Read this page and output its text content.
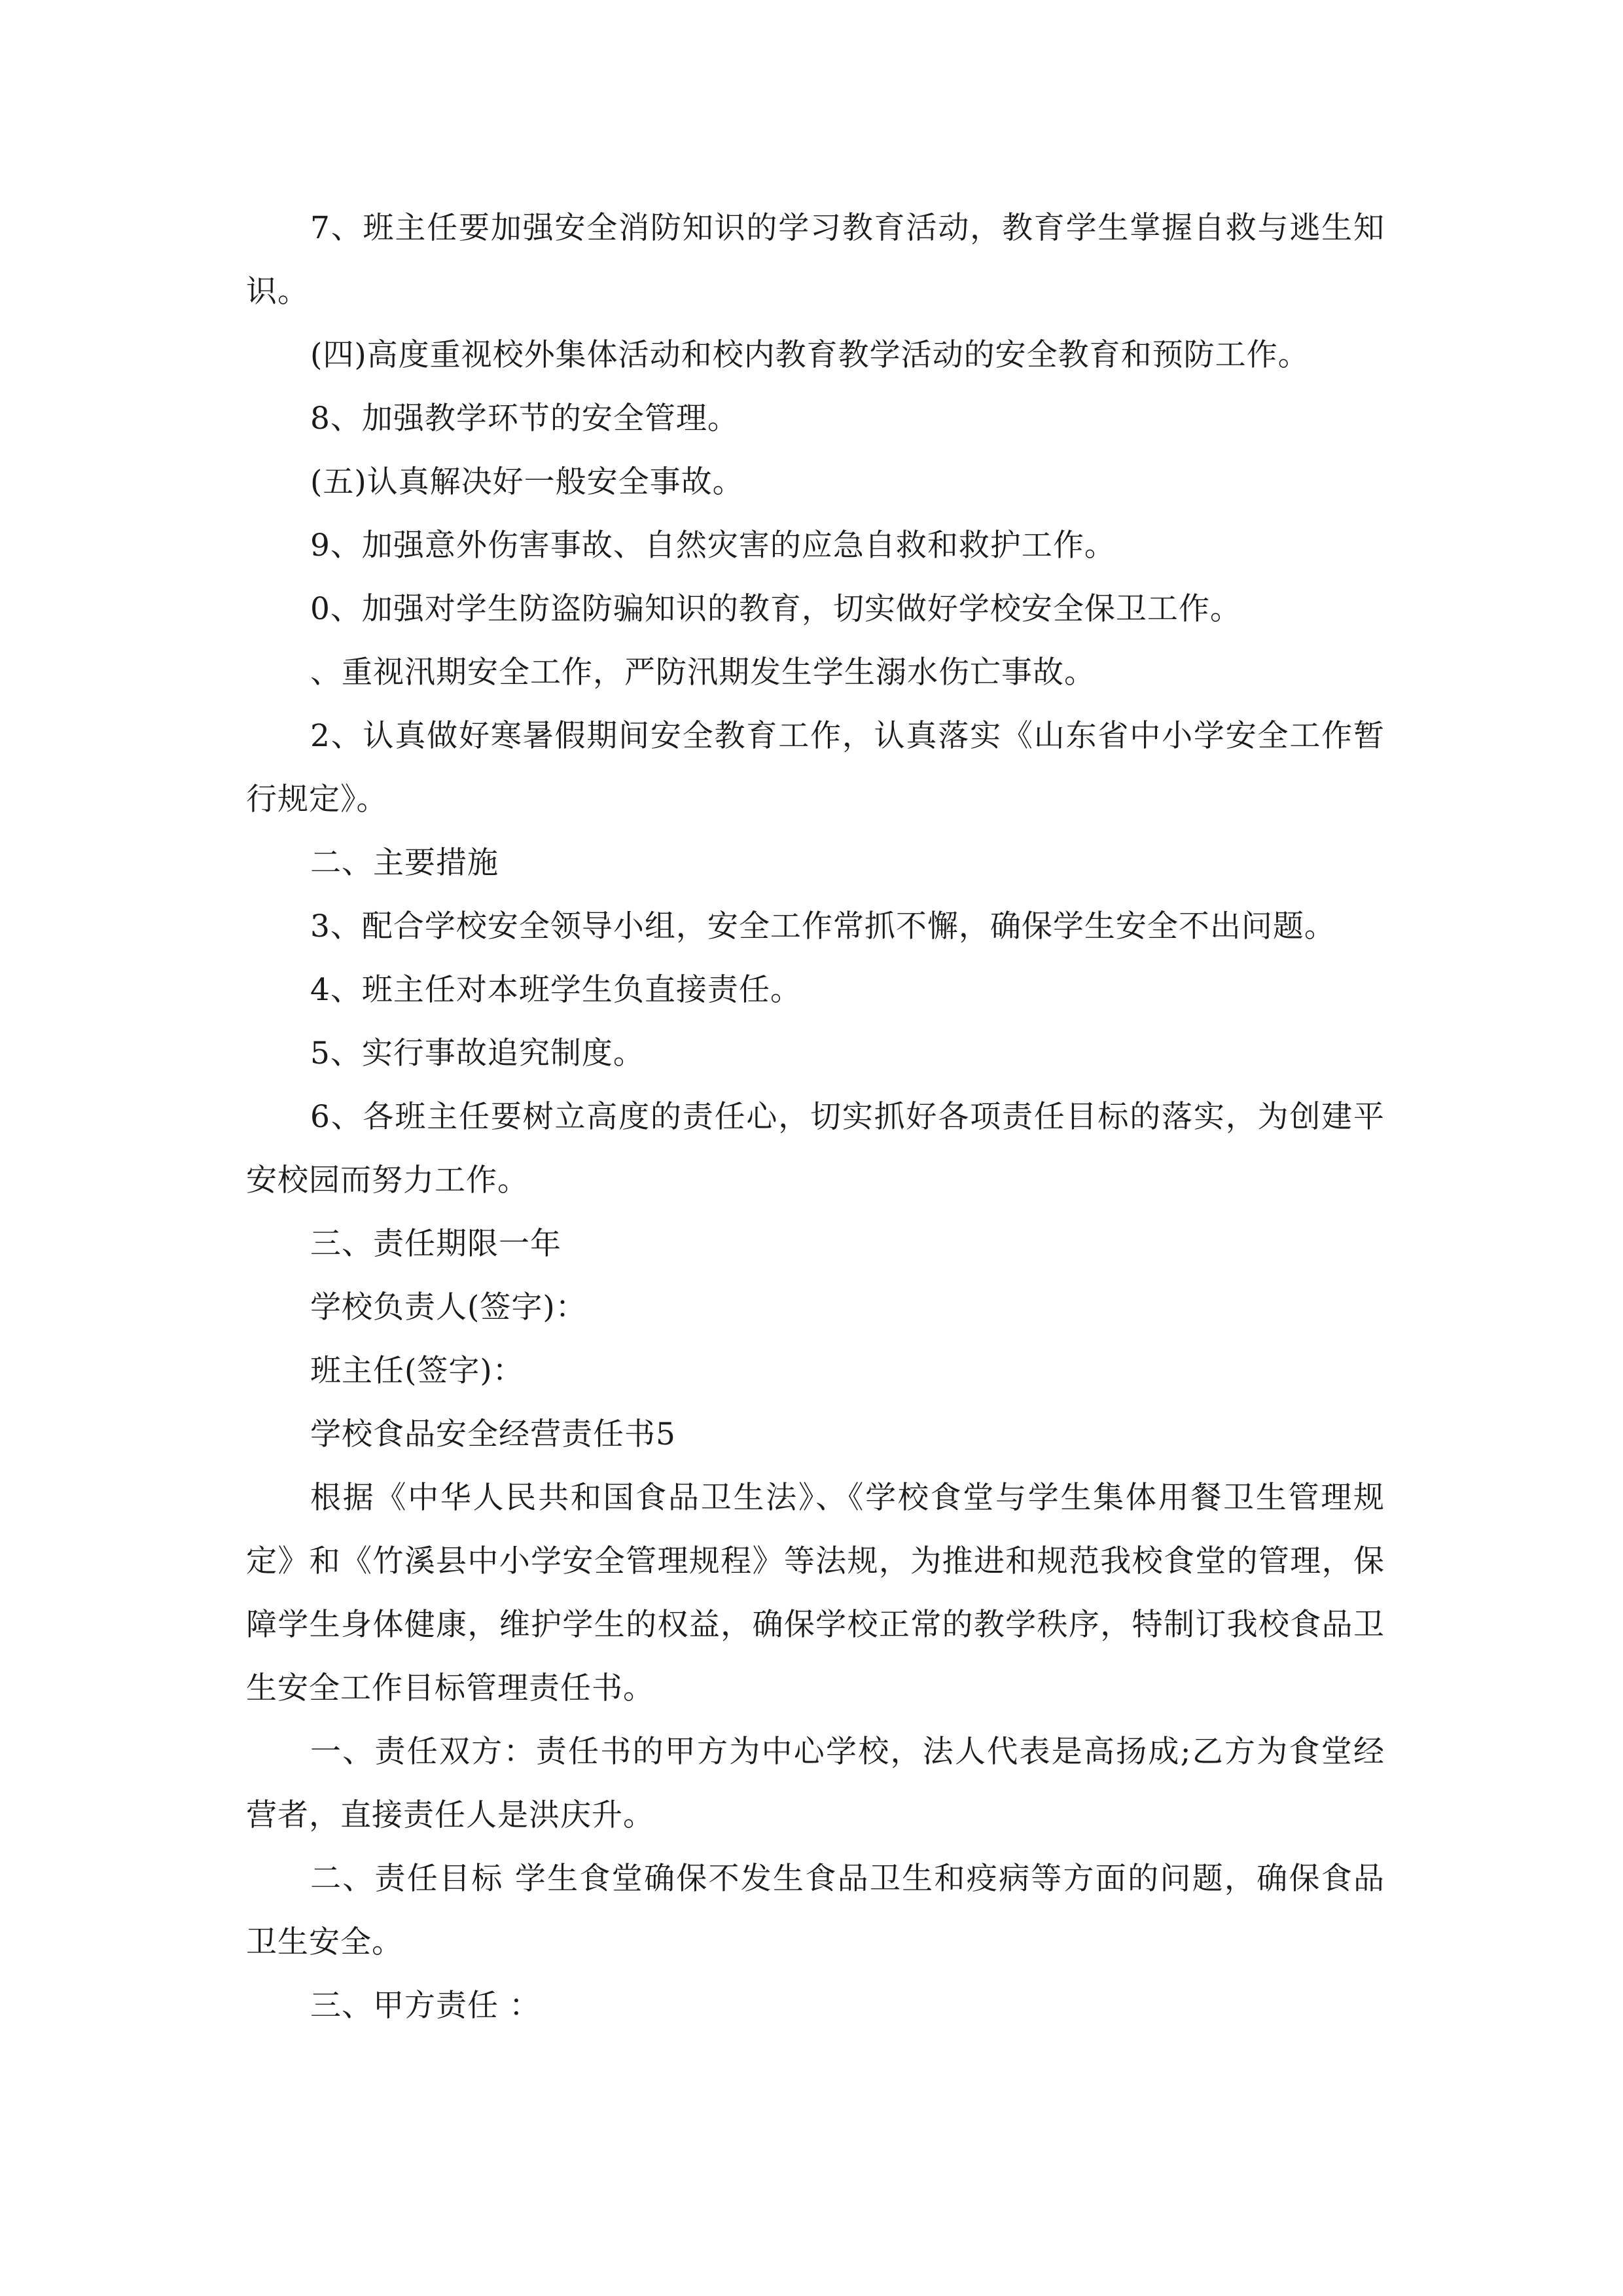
7、班主任要加强安全消防知识的学习教育活动，教育学生掌握自救与逃生知识。

(四)高度重视校外集体活动和校内教育教学活动的安全教育和预防工作。

8、加强教学环节的安全管理。

(五)认真解决好一般安全事故。

9、加强意外伤害事故、自然灾害的应急自救和救护工作。

0、加强对学生防盗防骗知识的教育，切实做好学校安全保卫工作。

、重视汛期安全工作，严防汛期发生学生溺水伤亡事故。

2、认真做好寒暑假期间安全教育工作，认真落实《山东省中小学安全工作暂行规定》。

二、主要措施

3、配合学校安全领导小组，安全工作常抓不懈，确保学生安全不出问题。

4、班主任对本班学生负直接责任。

5、实行事故追究制度。

6、各班主任要树立高度的责任心，切实抓好各项责任目标的落实，为创建平安校园而努力工作。

三、责任期限一年

学校负责人(签字)：

班主任(签字)：

学校食品安全经营责任书5

根据《中华人民共和国食品卫生法》、《学校食堂与学生集体用餐卫生管理规定》和《竹溪县中小学安全管理规程》等法规，为推进和规范我校食堂的管理，保障学生身体健康，维护学生的权益，确保学校正常的教学秩序，特制订我校食品卫生安全工作目标管理责任书。

一、责任双方：责任书的甲方为中心学校，法人代表是高扬成;乙方为食堂经营者，直接责任人是洪庆升。

二、责任目标 学生食堂确保不发生食品卫生和疫病等方面的问题，确保食品卫生安全。

三、甲方责任 ：
